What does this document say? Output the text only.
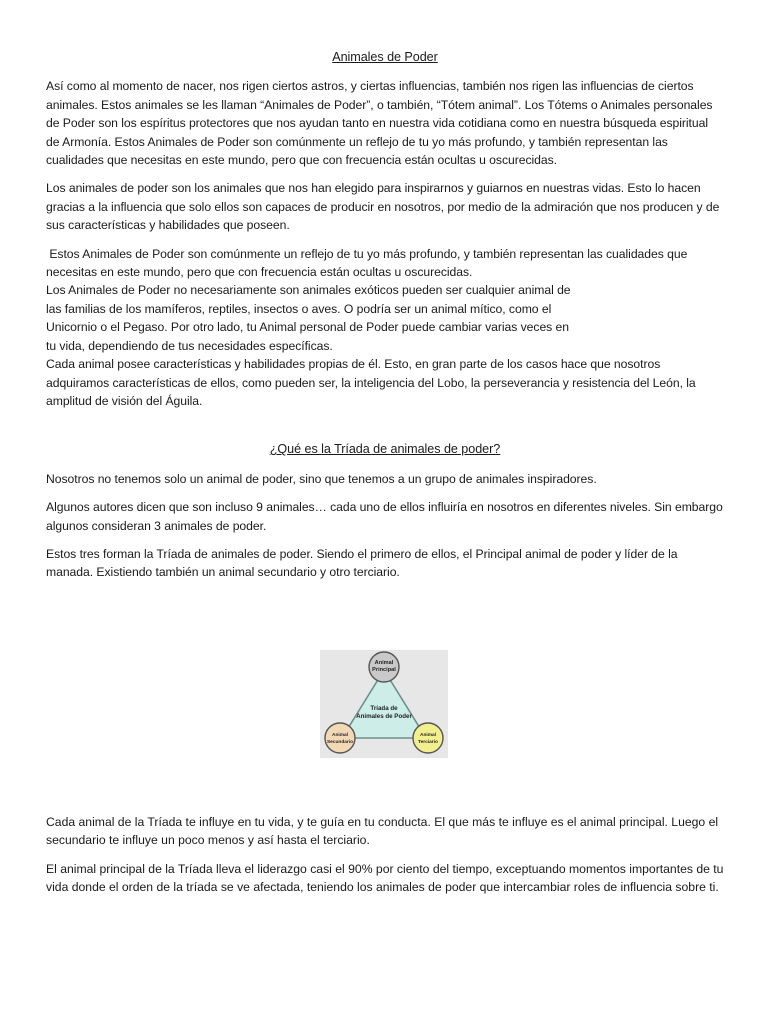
Animales de Poder

Así como al momento de nacer, nos rigen ciertos astros, y ciertas influencias, también nos rigen las influencias de ciertos animales. Estos animales se les llaman “Animales de Poder”, o también, “Tótem animal”. Los Tótems o Animales personales de Poder son los espíritus protectores que nos ayudan tanto en nuestra vida cotidiana como en nuestra búsqueda espiritual de Armonía. Estos Animales de Poder son comúnmente un reflejo de tu yo más profundo, y también representan las cualidades que necesitas en este mundo, pero que con frecuencia están ocultas u oscurecidas.

Los animales de poder son los animales que nos han elegido para inspirarnos y guiarnos en nuestras vidas. Esto lo hacen gracias a la influencia que solo ellos son capaces de producir en nosotros, por medio de la admiración que nos producen y de sus características y habilidades que poseen.

Estos Animales de Poder son comúnmente un reflejo de tu yo más profundo, y también representan las cualidades que necesitas en este mundo, pero que con frecuencia están ocultas u oscurecidas.

Los Animales de Poder no necesariamente son animales exóticos pueden ser cualquier animal de

las familias de los mamíferos, reptiles, insectos o aves. O podría ser un animal mítico, como el

Unicornio o el Pegaso. Por otro lado, tu Animal personal de Poder puede cambiar varias veces en

tu vida, dependiendo de tus necesidades específicas.

Cada animal posee características y habilidades propias de él. Esto, en gran parte de los casos hace que nosotros adquiramos características de ellos, como pueden ser, la inteligencia del Lobo, la perseverancia y resistencia del León, la amplitud de visión del Águila.

¿Qué es la Tríada de animales de poder?

Nosotros no tenemos solo un animal de poder, sino que tenemos a un grupo de animales inspiradores.

Algunos autores dicen que son incluso 9 animales… cada uno de ellos influiría en nosotros en diferentes niveles. Sin embargo algunos consideran 3 animales de poder.

Estos tres forman la Tríada de animales de poder. Siendo el primero de ellos, el Principal animal de poder y líder de la manada. Existiendo también un animal secundario y otro terciario.

Animal
Principal
Tríada de
Animales de Poder
Animal
Secundario
Animal
Terciario

Cada animal de la Tríada te influye en tu vida, y te guía en tu conducta. El que más te influye es el animal principal. Luego el secundario te influye un poco menos y así hasta el terciario.

El animal principal de la Tríada lleva el liderazgo casi el 90% por ciento del tiempo, exceptuando momentos importantes de tu vida donde el orden de la tríada se ve afectada, teniendo los animales de poder que intercambiar roles de influencia sobre ti.
